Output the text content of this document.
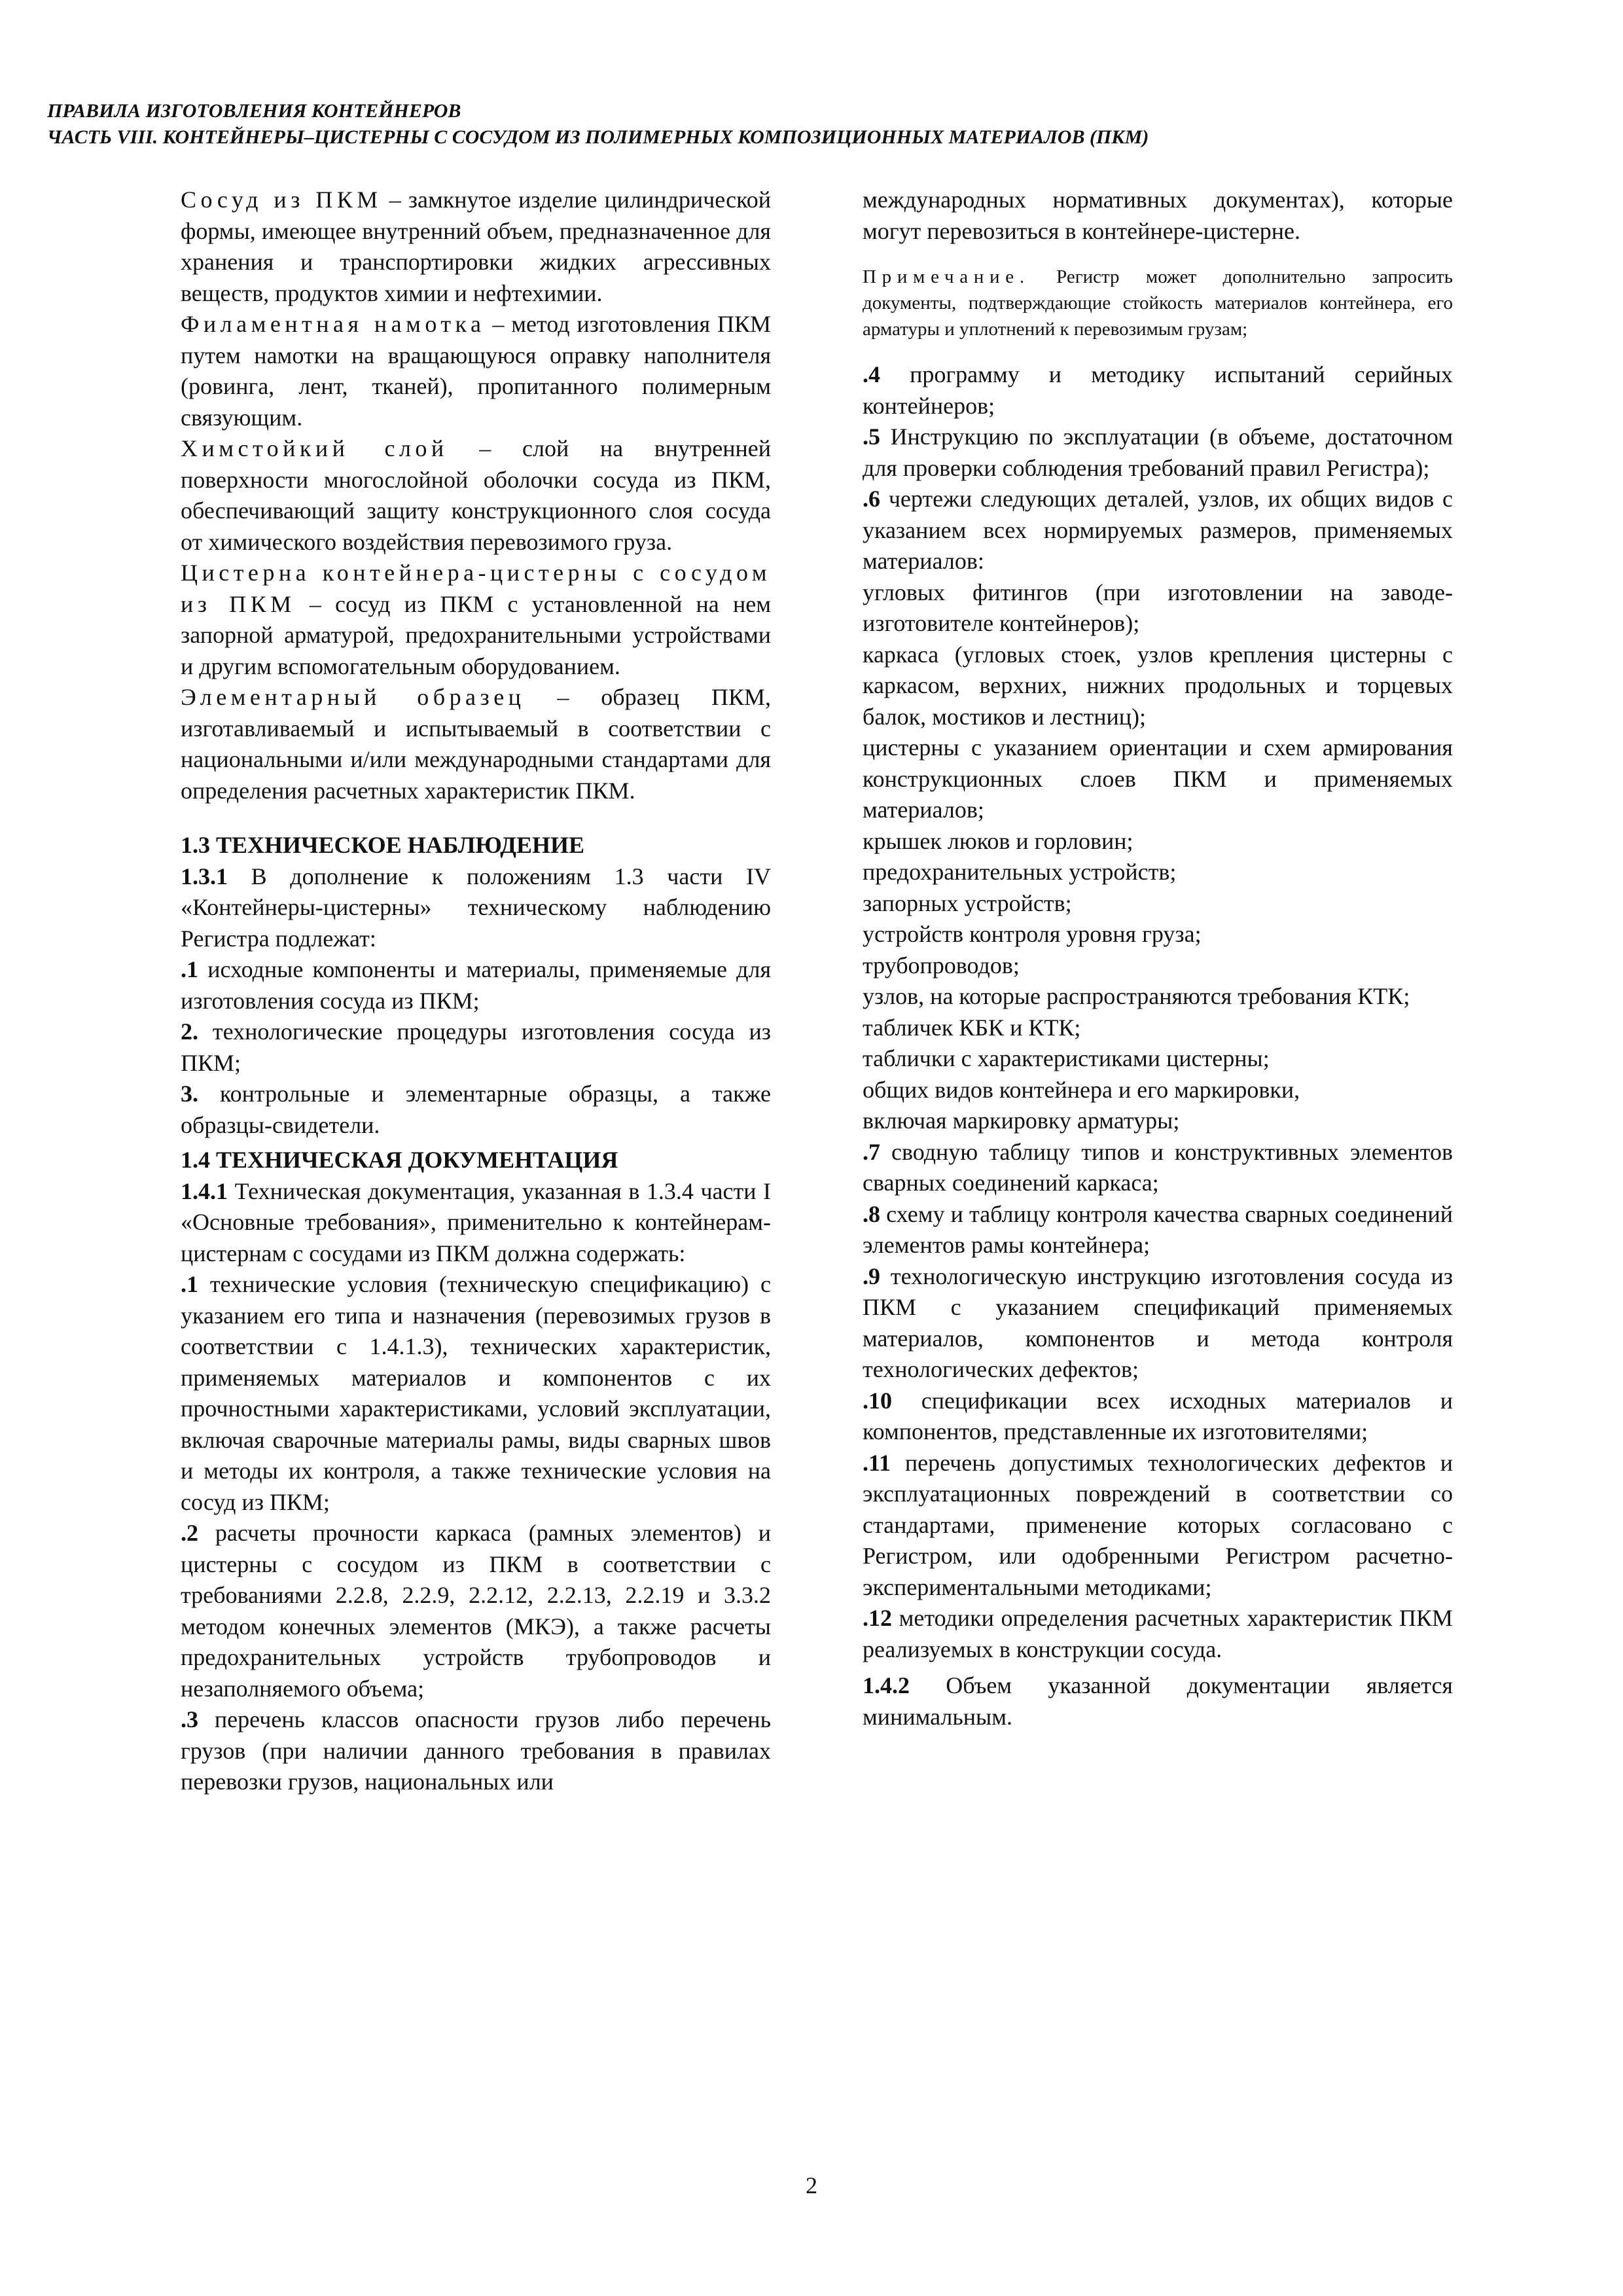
ПРАВИЛА ИЗГОТОВЛЕНИЯ КОНТЕЙНЕРОВ
ЧАСТЬ VIII. КОНТЕЙНЕРЫ–ЦИСТЕРНЫ С СОСУДОМ ИЗ ПОЛИМЕРНЫХ КОМПОЗИЦИОННЫХ МАТЕРИАЛОВ (ПКМ)

Сосуд из ПКМ – замкнутое изделие цилиндрической формы, имеющее внутренний объем, предназначенное для хранения и транспортировки жидких агрессивных веществ, продуктов химии и нефтехимии.

Филаментная намотка – метод изготовления ПКМ путем намотки на вращающуюся оправку наполнителя (ровинга, лент, тканей), пропитанного полимерным связующим.

Химстойкий слой – слой на внутренней поверхности многослойной оболочки сосуда из ПКМ, обеспечивающий защиту конструкционного слоя сосуда от химического воздействия перевозимого груза.

Цистерна контейнера-цистерны с сосудом из ПКМ – сосуд из ПКМ с установленной на нем запорной арматурой, предохранительными устройствами и другим вспомогательным оборудованием.

Элементарный образец – образец ПКМ, изготавливаемый и испытываемый в соответствии с национальными и/или международными стандартами для определения расчетных характеристик ПКМ.

1.3 ТЕХНИЧЕСКОЕ НАБЛЮДЕНИЕ

1.3.1 В дополнение к положениям 1.3 части IV «Контейнеры-цистерны» техническому наблюдению Регистра подлежат:

.1 исходные компоненты и материалы, применяемые для изготовления сосуда из ПКМ;

2. технологические процедуры изготовления сосуда из ПКМ;

3. контрольные и элементарные образцы, а также образцы-свидетели.

1.4 ТЕХНИЧЕСКАЯ ДОКУМЕНТАЦИЯ

1.4.1 Техническая документация, указанная в 1.3.4 части I «Основные требования», применительно к контейнерам-цистернам с сосудами из ПКМ должна содержать:

.1 технические условия (техническую спецификацию) с указанием его типа и назначения (перевозимых грузов в соответствии с 1.4.1.3), технических характеристик, применяемых материалов и компонентов с их прочностными характеристиками, условий эксплуатации, включая сварочные материалы рамы, виды сварных швов и методы их контроля, а также технические условия на сосуд из ПКМ;

.2 расчеты прочности каркаса (рамных элементов) и цистерны с сосудом из ПКМ в соответствии с требованиями 2.2.8, 2.2.9, 2.2.12, 2.2.13, 2.2.19 и 3.3.2 методом конечных элементов (МКЭ), а также расчеты предохранительных устройств трубопроводов и незаполняемого объема;

.3 перечень классов опасности грузов либо перечень грузов (при наличии данного требования в правилах перевозки грузов, национальных или

международных нормативных документах), которые могут перевозиться в контейнере-цистерне.

Примечание. Регистр может дополнительно запросить документы, подтверждающие стойкость материалов контейнера, его арматуры и уплотнений к перевозимым грузам;

.4 программу и методику испытаний серийных контейнеров;

.5 Инструкцию по эксплуатации (в объеме, достаточном для проверки соблюдения требований правил Регистра);

.6 чертежи следующих деталей, узлов, их общих видов с указанием всех нормируемых размеров, применяемых материалов:

угловых фитингов (при изготовлении на заводе-изготовителе контейнеров);

каркаса (угловых стоек, узлов крепления цистерны с каркасом, верхних, нижних продольных и торцевых балок, мостиков и лестниц);

цистерны с указанием ориентации и схем армирования конструкционных слоев ПКМ и применяемых материалов;

крышек люков и горловин;

предохранительных устройств;

запорных устройств;

устройств контроля уровня груза;

трубопроводов;

узлов, на которые распространяются требования КТК;

табличек КБК и КТК;

таблички с характеристиками цистерны;

общих видов контейнера и его маркировки,

включая маркировку арматуры;

.7 сводную таблицу типов и конструктивных элементов сварных соединений каркаса;

.8 схему и таблицу контроля качества сварных соединений элементов рамы контейнера;

.9 технологическую инструкцию изготовления сосуда из ПКМ с указанием спецификаций применяемых материалов, компонентов и метода контроля технологических дефектов;

.10 спецификации всех исходных материалов и компонентов, представленные их изготовителями;

.11 перечень допустимых технологических дефектов и эксплуатационных повреждений в соответствии со стандартами, применение которых согласовано с Регистром, или одобренными Регистром расчетно-экспериментальными методиками;

.12 методики определения расчетных характеристик ПКМ реализуемых в конструкции сосуда.

1.4.2 Объем указанной документации является минимальным.

2
